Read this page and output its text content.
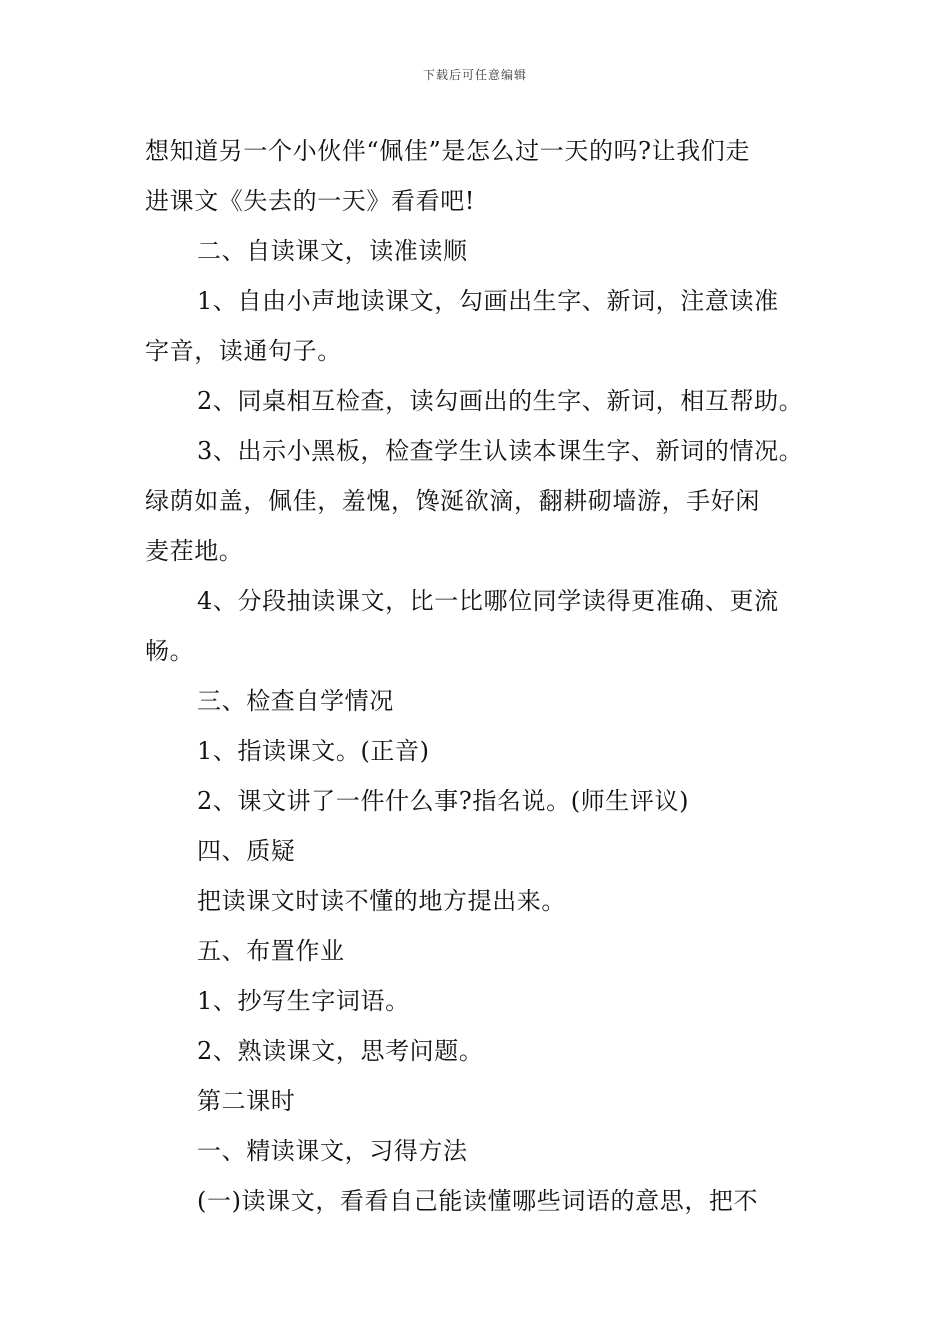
下载后可任意编辑
想知道另一个小伙伴“佩佳”是怎么过一天的吗?让我们走
进课文《失去的一天》看看吧!
二、自读课文，读准读顺
1、自由小声地读课文，勾画出生字、新词，注意读准
字音，读通句子。
2、同桌相互检查，读勾画出的生字、新词，相互帮助。
3、出示小黑板，检查学生认读本课生字、新词的情况。
绿荫如盖，佩佳，羞愧，馋涎欲滴，翻耕砌墙游，手好闲
麦茬地。
4、分段抽读课文，比一比哪位同学读得更准确、更流
畅。
三、检查自学情况
1、指读课文。(正音)
2、课文讲了一件什么事?指名说。(师生评议)
四、质疑
把读课文时读不懂的地方提出来。
五、布置作业
1、抄写生字词语。
2、熟读课文，思考问题。
第二课时
一、精读课文，习得方法
(一)读课文，看看自己能读懂哪些词语的意思，把不
